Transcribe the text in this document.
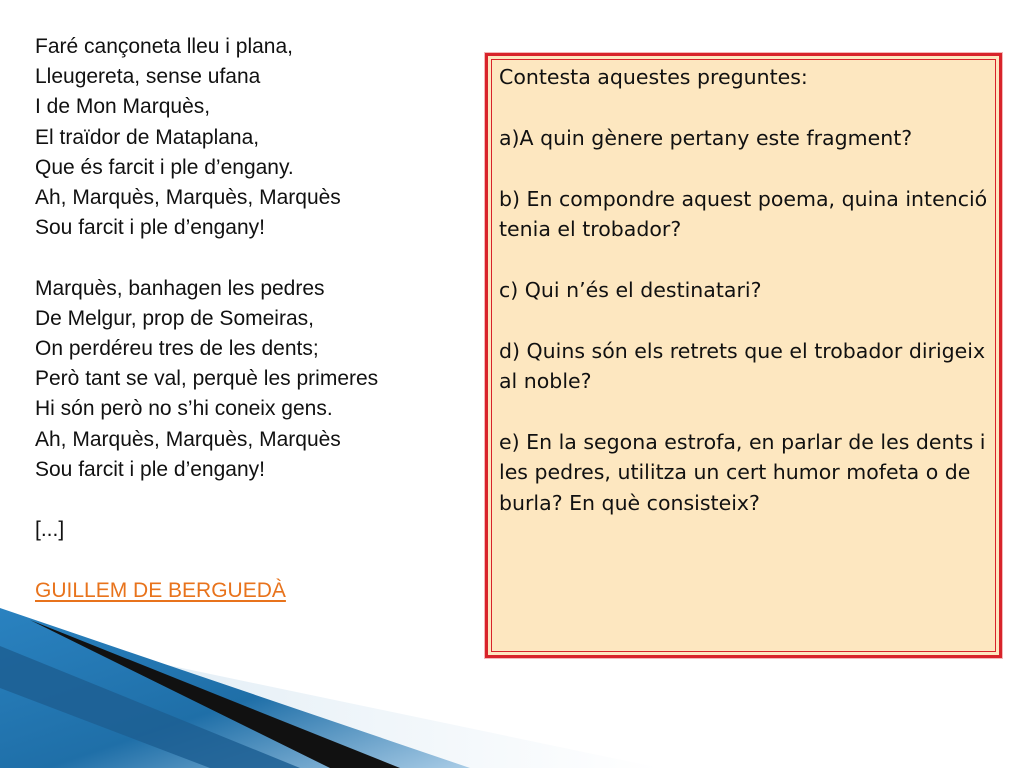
Faré cançoneta lleu i plana,
Lleugereta, sense ufana
I de Mon Marquès,
El traïdor de Mataplana,
Que és farcit i ple d’engany.
Ah, Marquès, Marquès, Marquès
Sou farcit i ple d’engany!
Marquès, banhagen les pedres
De Melgur, prop de Someiras,
On perdéreu tres de les dents;
Però tant se val, perquè les primeres
Hi són però no s’hi coneix gens.
Ah, Marquès, Marquès, Marquès
Sou farcit i ple d’engany!
[...]
GUILLEM DE BERGUEDÀ
Contesta aquestes preguntes:
a)A quin gènere pertany este fragment?
b) En compondre aquest poema, quina intenció tenia el trobador?
c) Qui n’és el destinatari?
d) Quins són els retrets que el trobador dirigeix al noble?
e) En la segona estrofa, en parlar de les dents i les pedres, utilitza un cert humor mofeta o de burla? En què consisteix?
